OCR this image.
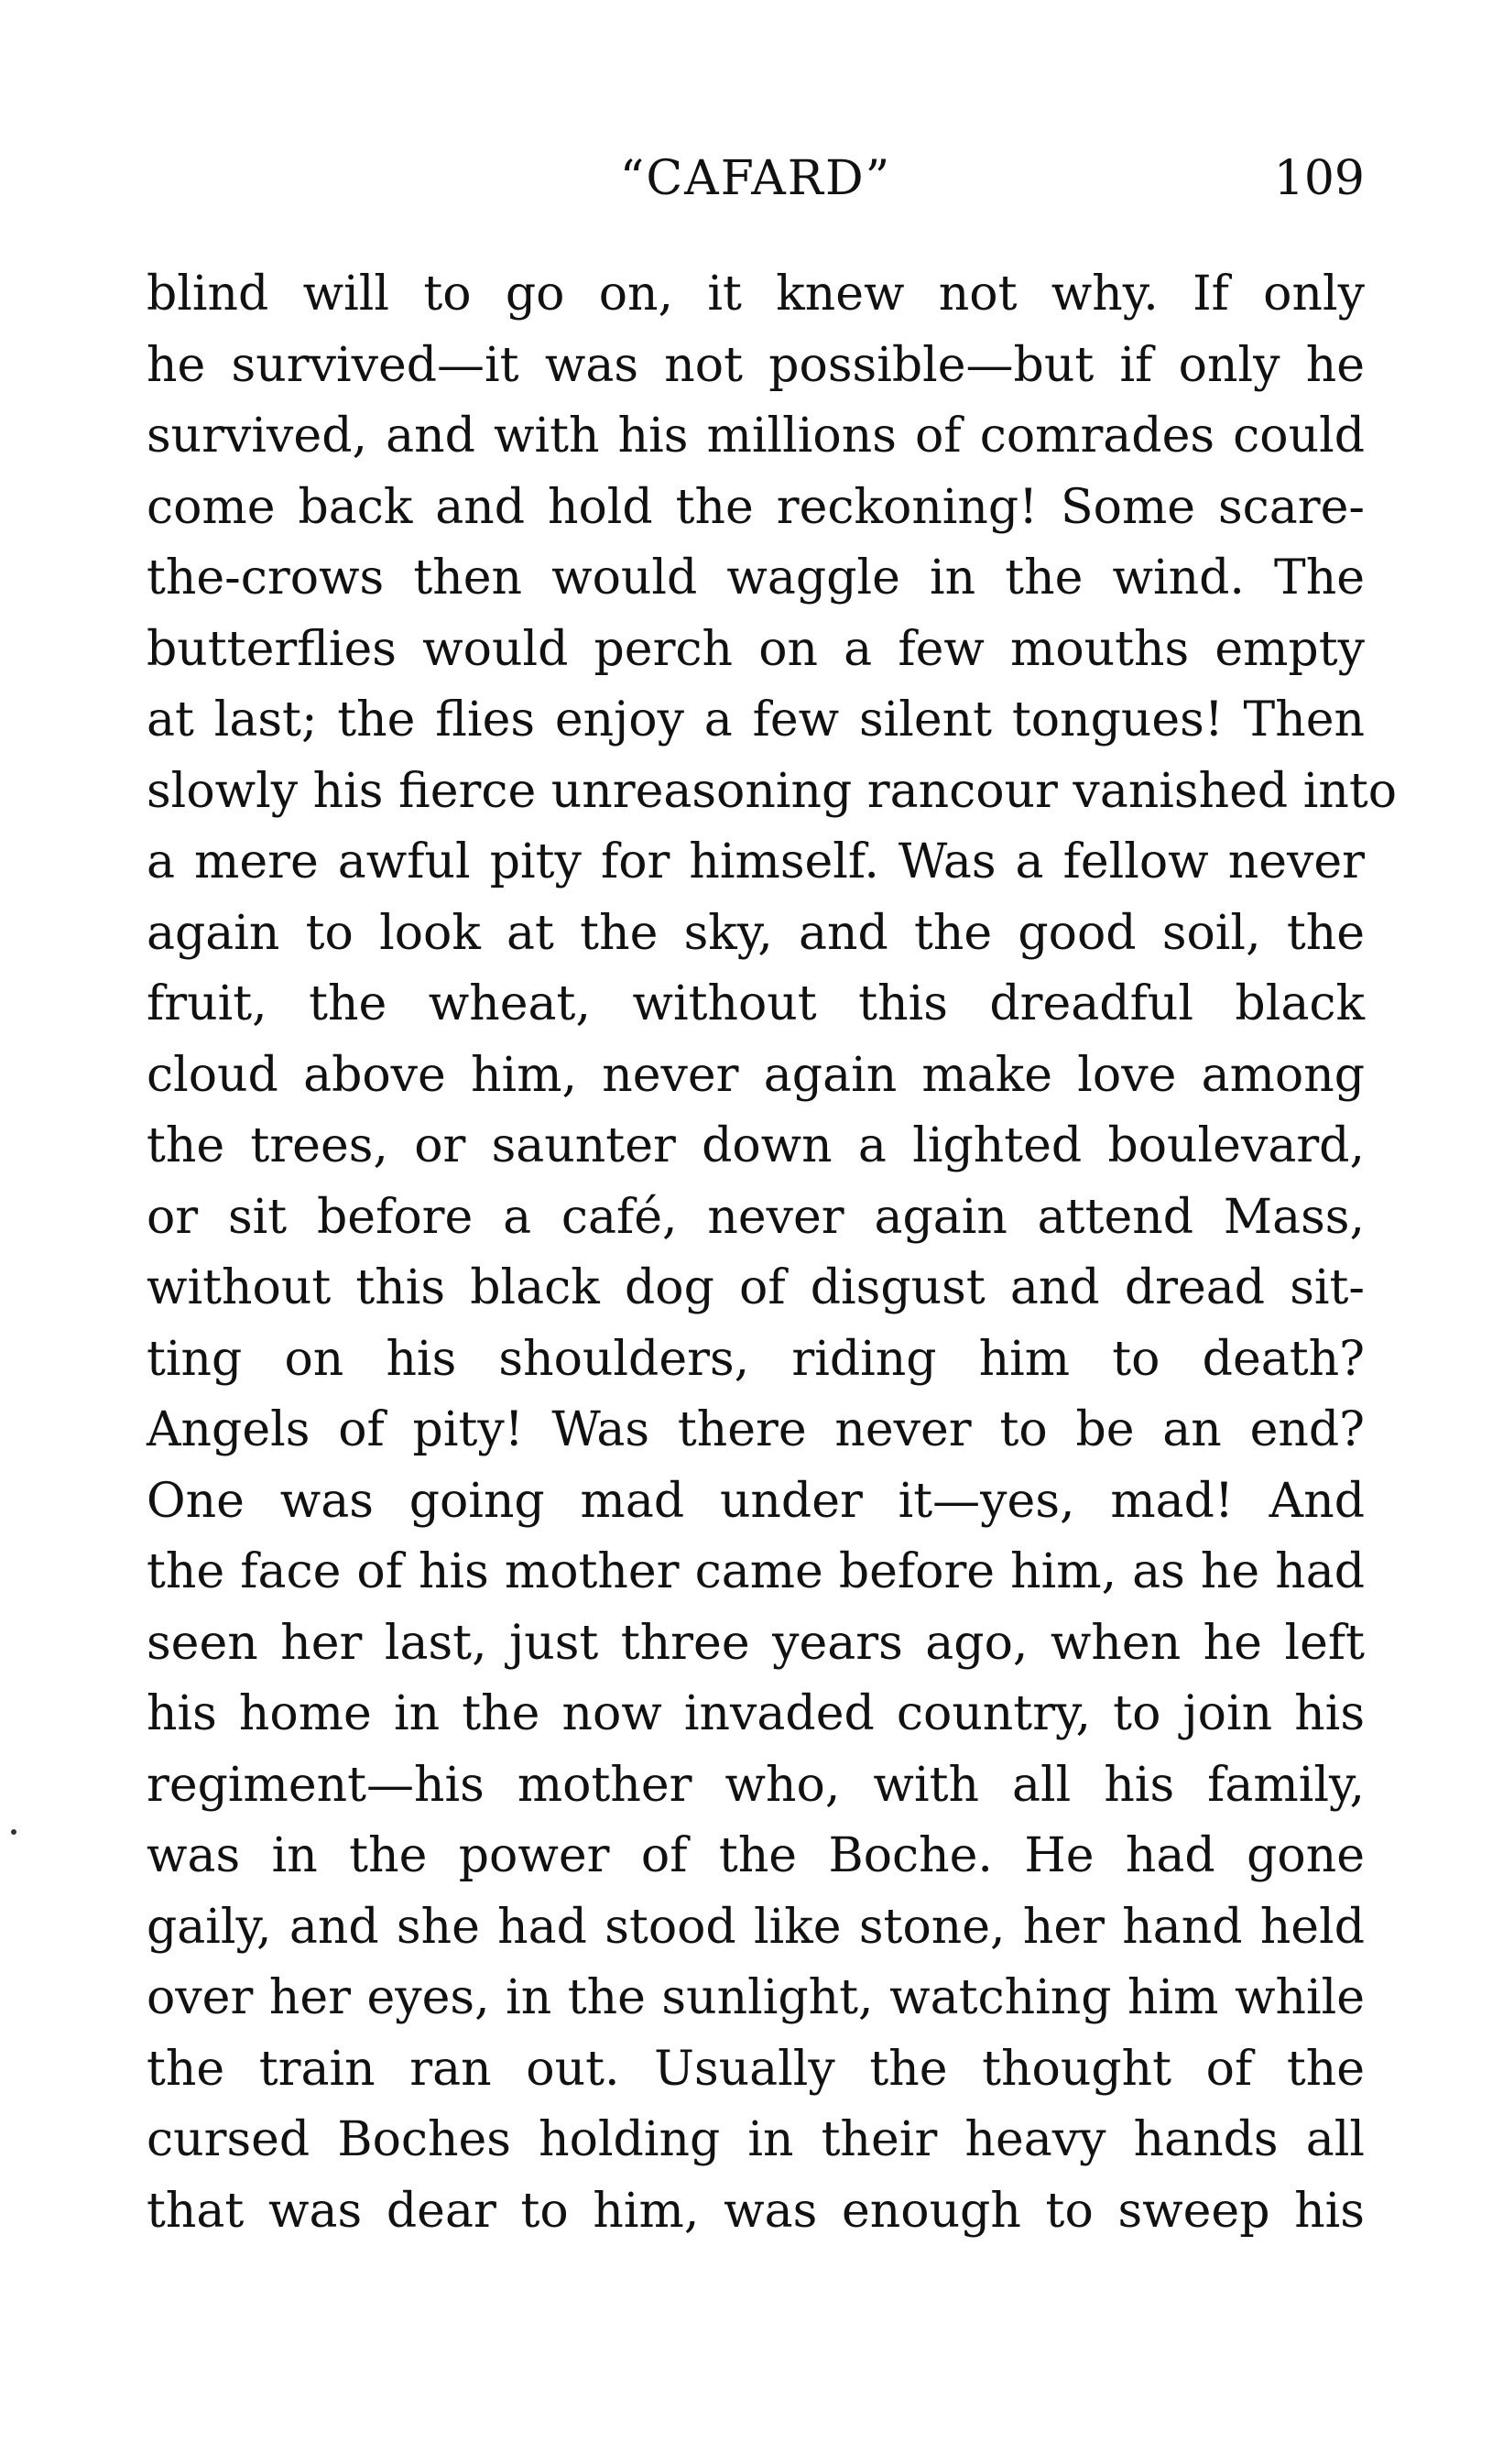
“CAFARD”	109
blind will to go on, it knew not why. If only
he survived—it was not possible—but if only he
survived, and with his millions of comrades could
come back and hold the reckoning! Some scare-
the-crows then would waggle in the wind. The
butterflies would perch on a few mouths empty
at last; the flies enjoy a few silent tongues! Then
slowly his fierce unreasoning rancour vanished into
a mere awful pity for himself. Was a fellow never
again to look at the sky, and the good soil, the
fruit, the wheat, without this dreadful black
cloud above him, never again make love among
the trees, or saunter down a lighted boulevard,
or sit before a café, never again attend Mass,
without this black dog of disgust and dread sit-
ting on his shoulders, riding him to death?
Angels of pity! Was there never to be an end?
One was going mad under it—yes, mad! And
the face of his mother came before him, as he had
seen her last, just three years ago, when he left
his home in the now invaded country, to join his
regiment—his mother who, with all his family,
was in the power of the Boche. He had gone
gaily, and she had stood like stone, her hand held
over her eyes, in the sunlight, watching him while
the train ran out. Usually the thought of the
cursed Boches holding in their heavy hands all
that was dear to him, was enough to sweep his
